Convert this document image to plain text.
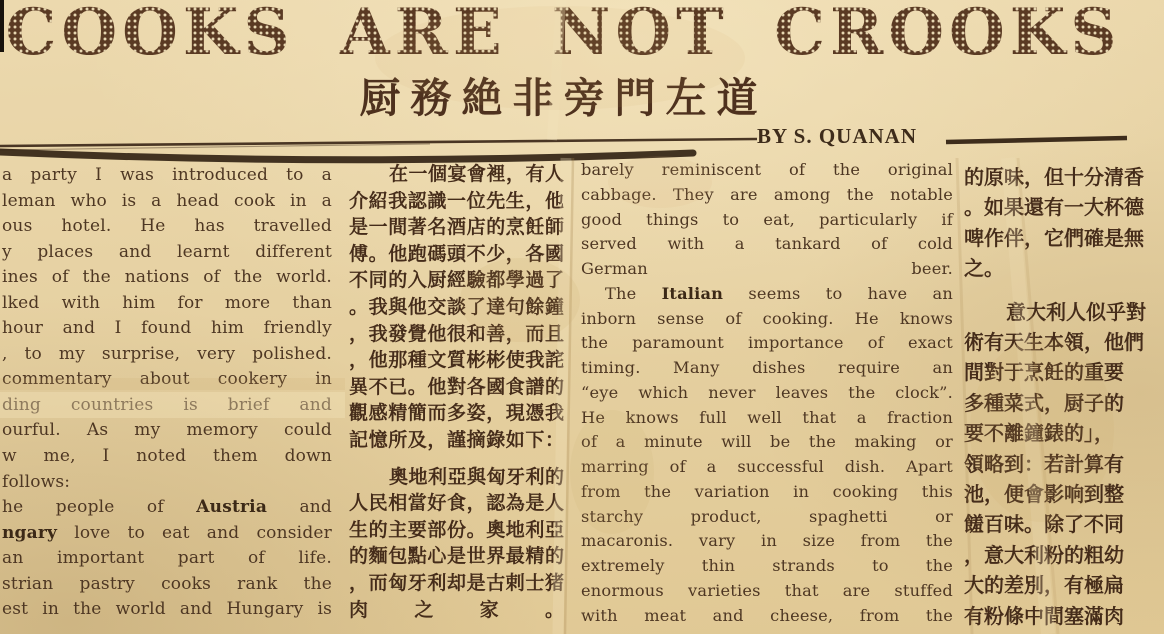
COOKS ARE NOT CROOKS
厨務絶非旁門左道
BY S. QUANAN
a party I was introduced to a
leman who is a head cook in a
ous hotel. He has travelled
y places and learnt different
ines of the nations of the world.
lked with him for more than
hour and I found him friendly
, to my surprise, very polished.
commentary about cookery in
ding countries is brief and
ourful. As my memory could
w me, I noted them down
follows:
he people of Austria and
ngary love to eat and consider
an important part of life.
strian pastry cooks rank the
est in the world and Hungary is
在一個宴會裡，有人
介紹我認識一位先生，他
是一間著名酒店的烹飪師
傅。他跑碼頭不少，各國
不同的入厨經驗都學過了
。我與他交談了達句餘鐘
，我發覺他很和善，而且
，他那種文質彬彬使我詫
異不已。他對各國食譜的
觀感精簡而多姿，現憑我
記憶所及，謹摘錄如下：
奧地利亞與匈牙利的
人民相當好食，認為是人
生的主要部份。奧地利亞
的麵包點心是世界最精的
，而匈牙利却是古剌士猪
肉之家。
barely reminiscent of the original
cabbage. They are among the notable
good things to eat, particularly if
served with a tankard of cold
German beer.
The Italian seems to have an
inborn sense of cooking. He knows
the paramount importance of exact
timing. Many dishes require an
“eye which never leaves the clock”.
He knows full well that a fraction
of a minute will be the making or
marring of a successful dish. Apart
from the variation in cooking this
starchy product, spaghetti or
macaronis. vary in size from the
extremely thin strands to the
enormous varieties that are stuffed
with meat and cheese, from the
的原味，但十分清香
。如果還有一大杯德
啤作伴，它們確是無
之。
意大利人似乎對
術有天生本領，他們
間對于烹飪的重要
多種菜式，厨子的
要不離鐘錶的」，
領略到：若計算有
池，便會影响到整
饈百味。除了不同
，意大利粉的粗幼
大的差別，有極扁
有粉條中間塞滿肉
